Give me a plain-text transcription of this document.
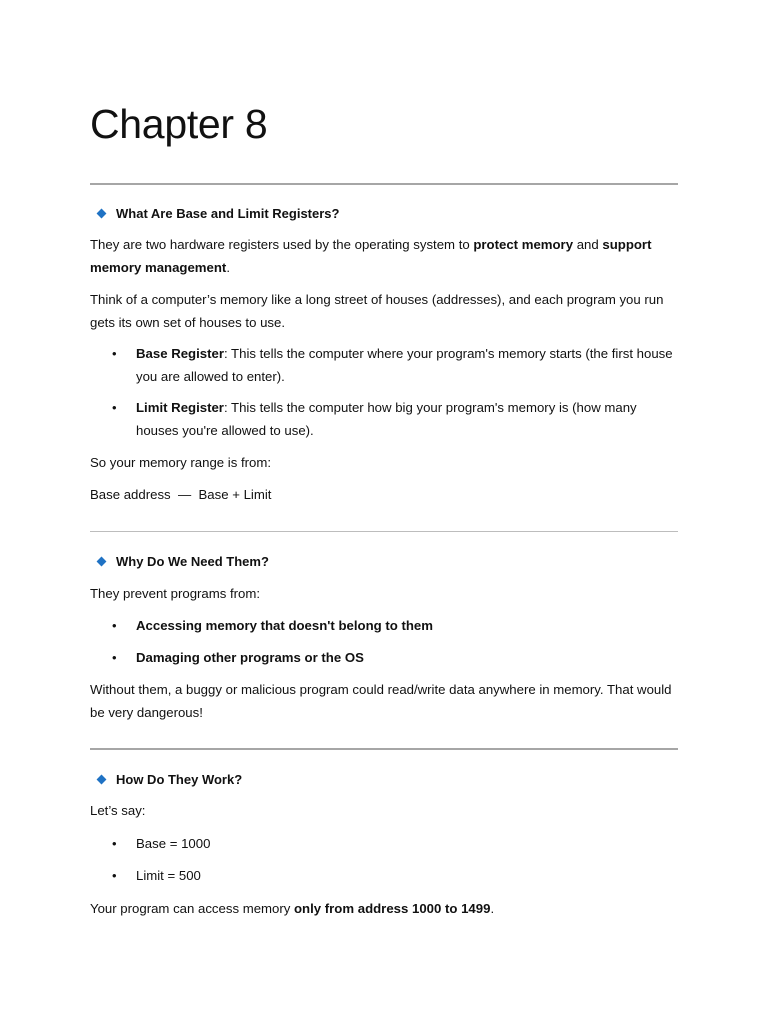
Chapter 8
What Are Base and Limit Registers?

They are two hardware registers used by the operating system to protect memory and support memory management.

Think of a computer’s memory like a long street of houses (addresses), and each program you run gets its own set of houses to use.

• Base Register: This tells the computer where your program's memory starts (the first house you are allowed to enter).
• Limit Register: This tells the computer how big your program's memory is (how many houses you're allowed to use).

So your memory range is from:

Base address  —  Base + Limit

Why Do We Need Them?

They prevent programs from:

• Accessing memory that doesn't belong to them
• Damaging other programs or the OS

Without them, a buggy or malicious program could read/write data anywhere in memory. That would be very dangerous!

How Do They Work?

Let’s say:

• Base = 1000
• Limit = 500

Your program can access memory only from address 1000 to 1499.
